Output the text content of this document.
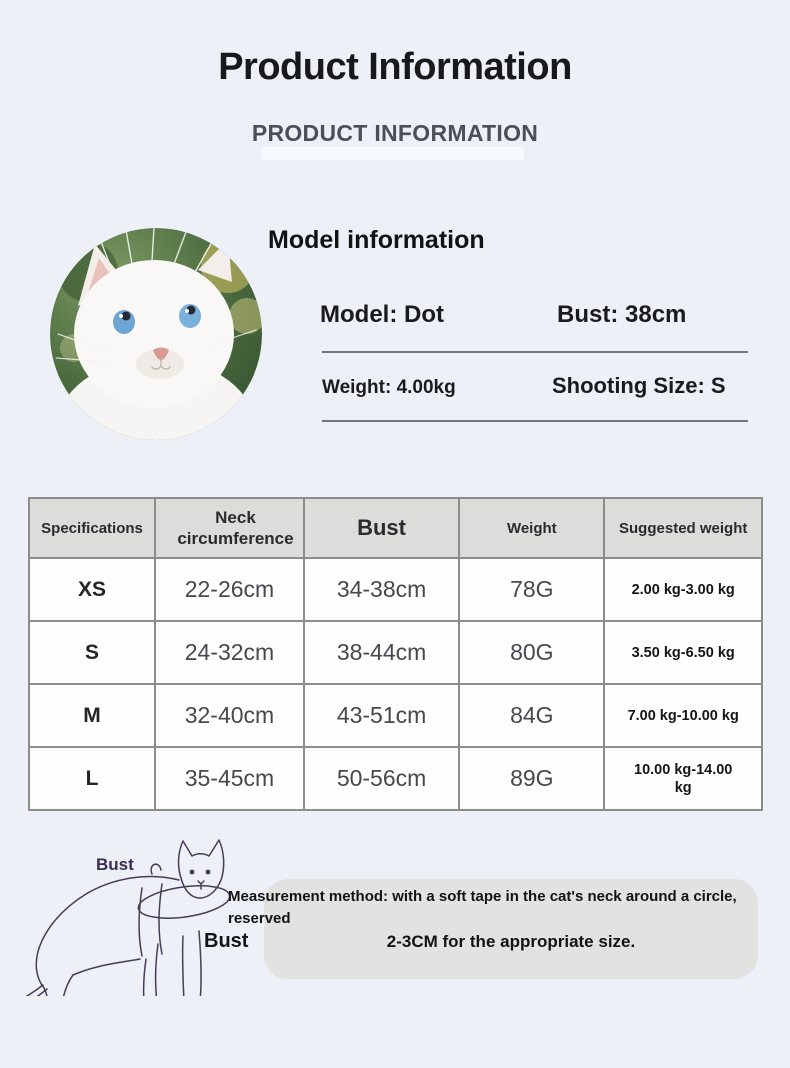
Product Information
PRODUCT INFORMATION
Model information
Model: Dot	Bust: 38cm
Weight: 4.00kg	Shooting Size: S
Specifications	Neck circumference	Bust	Weight	Suggested weight
XS	22-26cm	34-38cm	78G	2.00 kg-3.00 kg
S	24-32cm	38-44cm	80G	3.50 kg-6.50 kg
M	32-40cm	43-51cm	84G	7.00 kg-10.00 kg
L	35-45cm	50-56cm	89G	10.00 kg-14.00 kg
Bust
Bust
Measurement method: with a soft tape in the cat's neck around a circle,
reserved
2-3CM for the appropriate size.
